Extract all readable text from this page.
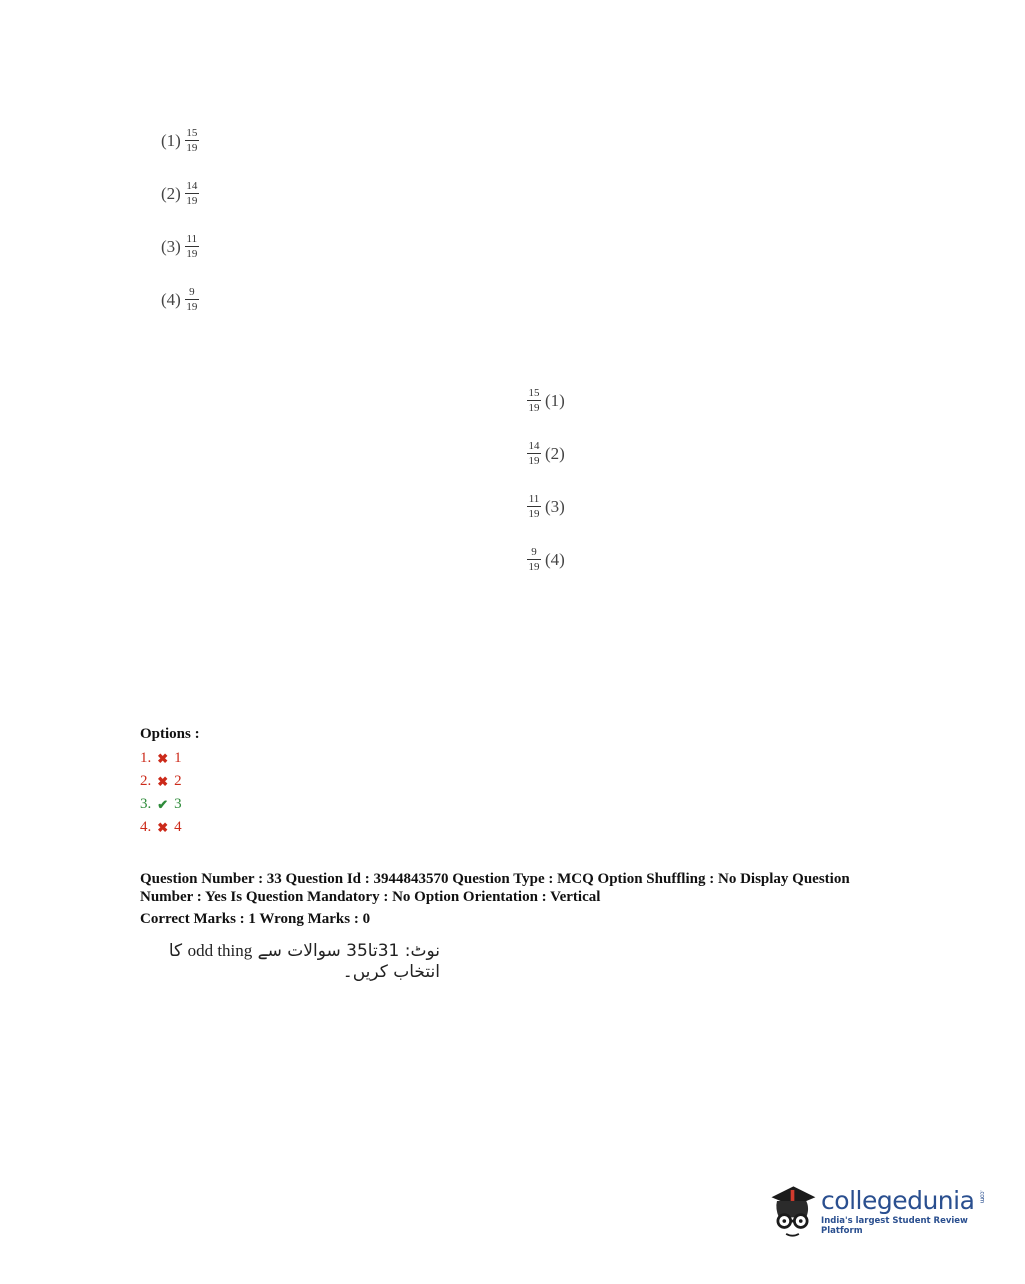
$(1) \frac{15}{19}$
$(2) \frac{14}{19}$
$(3) \frac{11}{19}$
$(4) \frac{9}{19}$
$\frac{15}{19} (1)$
$\frac{14}{19} (2)$
$\frac{11}{19} (3)$
$\frac{9}{19} (4)$
Options :
1. ✖ 1
2. ✖ 2
3. ✔ 3
4. ✖ 4

Question Number : 33 Question Id : 3944843570 Question Type : MCQ Option Shuffling : No Display Question

Number : Yes Is Question Mandatory : No Option Orientation : Vertical

Correct Marks : 1 Wrong Marks : 0

نوٹ: 31تا35 سوالات سے odd thing کا انتخاب کریں۔
collegedunia .com
India's largest Student Review Platform
